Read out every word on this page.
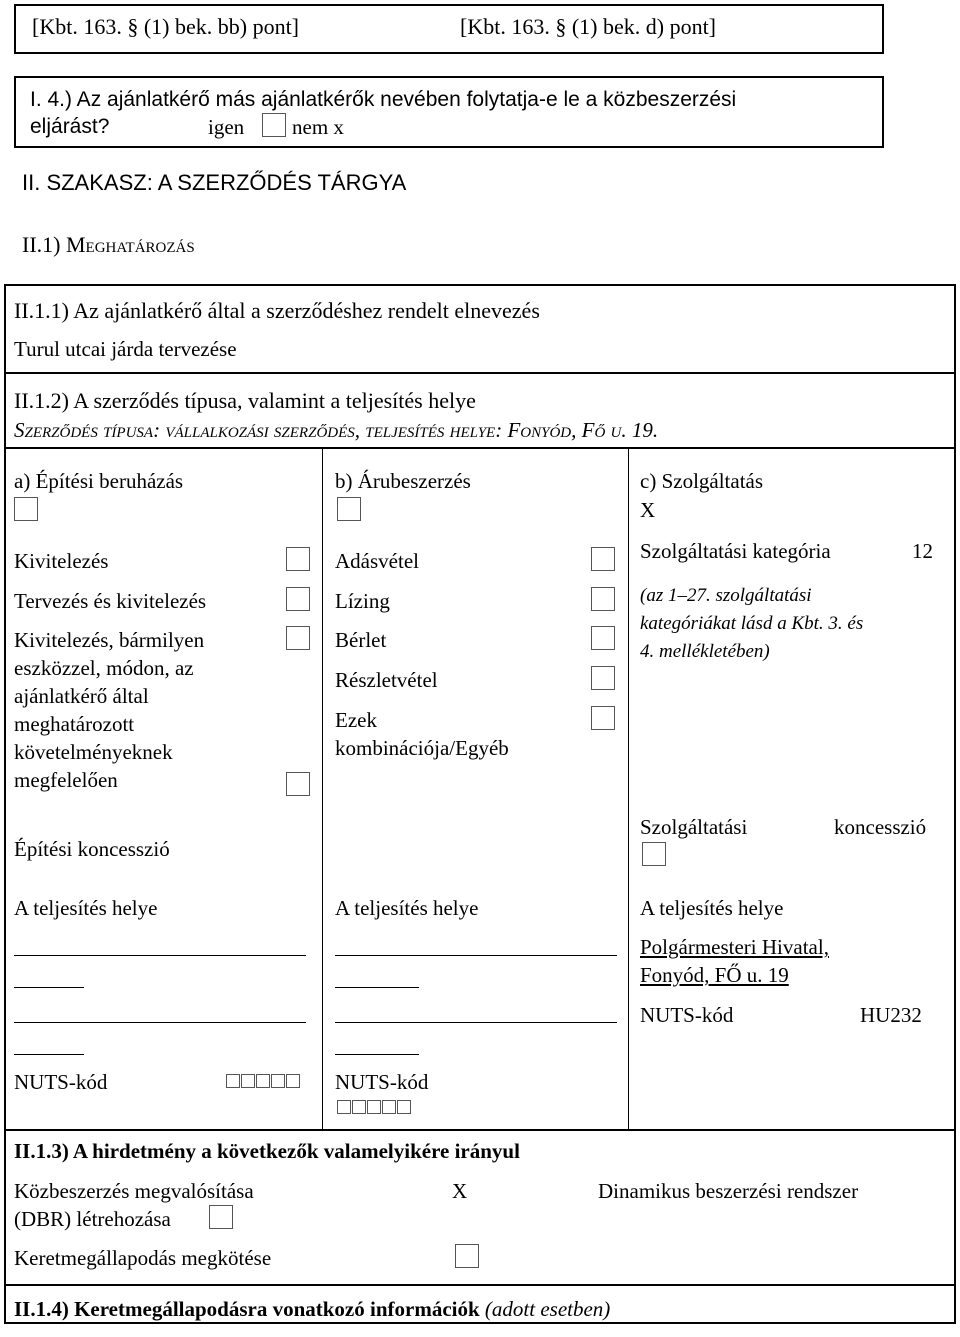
[Kbt. 163. § (1) bek. bb) pont]	[Kbt. 163. § (1) bek. d) pont]
I. 4.) Az ajánlatkérő más ajánlatkérők nevében folytatja-e le a közbeszerzési
eljárást?	igen nem x
II. SZAKASZ: A SZERZŐDÉS TÁRGYA
II.1) Meghatározás
II.1.1) Az ajánlatkérő által a szerződéshez rendelt elnevezés
Turul utcai járda tervezése
II.1.2) A szerződés típusa, valamint a teljesítés helye
Szerződés típusa: vállalkozási szerződés, teljesítés helye: Fonyód, Fő u. 19.
a) Építési beruházás
Kivitelezés
Tervezés és kivitelezés
Kivitelezés, bármilyen
eszközzel, módon, az
ajánlatkérő által
meghatározott
követelményeknek
megfelelően
Építési koncesszió
A teljesítés helye
NUTS-kód
b) Árubeszerzés
Adásvétel
Lízing
Bérlet
Részletvétel
Ezek
kombinációja/Egyéb
A teljesítés helye
NUTS-kód
c) Szolgáltatás
X
Szolgáltatási kategória	12
(az 1–27. szolgáltatási
kategóriákat lásd a Kbt. 3. és
4. mellékletében)
Szolgáltatási	koncesszió
A teljesítés helye
Polgármesteri Hivatal,
Fonyód, FŐ u. 19
NUTS-kód	HU232
II.1.3) A hirdetmény a következők valamelyikére irányul
Közbeszerzés megvalósítása	X	Dinamikus beszerzési rendszer
(DBR) létrehozása
Keretmegállapodás megkötése
II.1.4) Keretmegállapodásra vonatkozó információk (adott esetben)
